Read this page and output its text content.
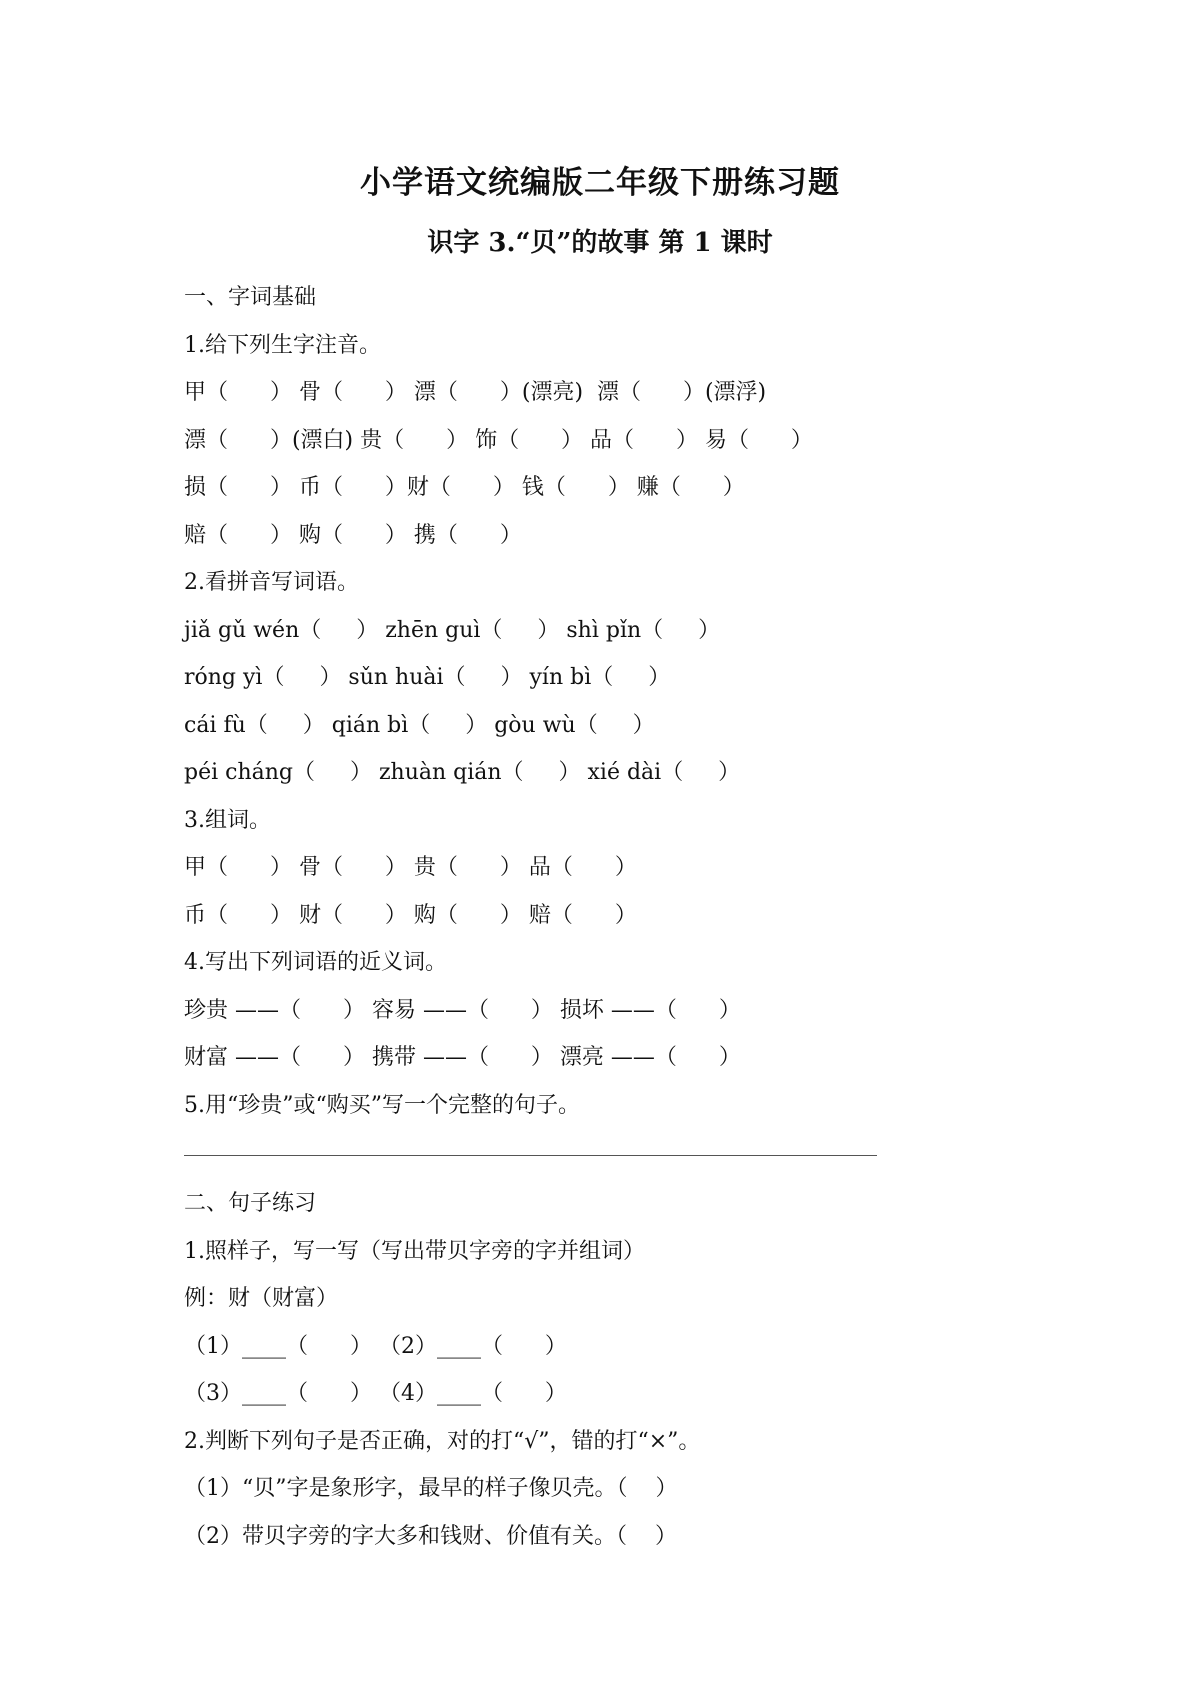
小学语文统编版二年级下册练习题
识字 3.“贝”的故事 第 1 课时
一、字词基础
1.给下列生字注音。
甲（      ） 骨（      ） 漂（      ）(漂亮)  漂（      ）(漂浮)
漂（      ）(漂白) 贵（      ） 饰（      ） 品（      ） 易（      ）
损（      ） 币（      ）财（      ） 钱（      ） 赚（      ）
赔（      ） 购（      ） 携（      ）
2.看拼音写词语。
jiǎ gǔ wén（     ） zhēn guì（     ） shì pǐn（     ）
róng yì（     ） sǔn huài（     ） yín bì（     ）
cái fù（     ） qián bì（     ） gòu wù（     ）
péi cháng（     ） zhuàn qián（     ） xié dài（     ）
3.组词。
甲（      ） 骨（      ） 贵（      ） 品（      ）
币（      ） 财（      ） 购（      ） 赔（      ）
4.写出下列词语的近义词。
珍贵 ——（      ） 容易 ——（      ） 损坏 ——（      ）
财富 ——（      ） 携带 ——（      ） 漂亮 ——（      ）
5.用“珍贵”或“购买”写一个完整的句子。
二、句子练习
1.照样子，写一写（写出带贝字旁的字并组词）
例：财（财富）
（1）____（      ） （2）____（      ）
（3）____（      ） （4）____（      ）
2.判断下列句子是否正确，对的打“√”，错的打“×”。
（1）“贝”字是象形字，最早的样子像贝壳。（    ）
（2）带贝字旁的字大多和钱财、价值有关。（    ）
